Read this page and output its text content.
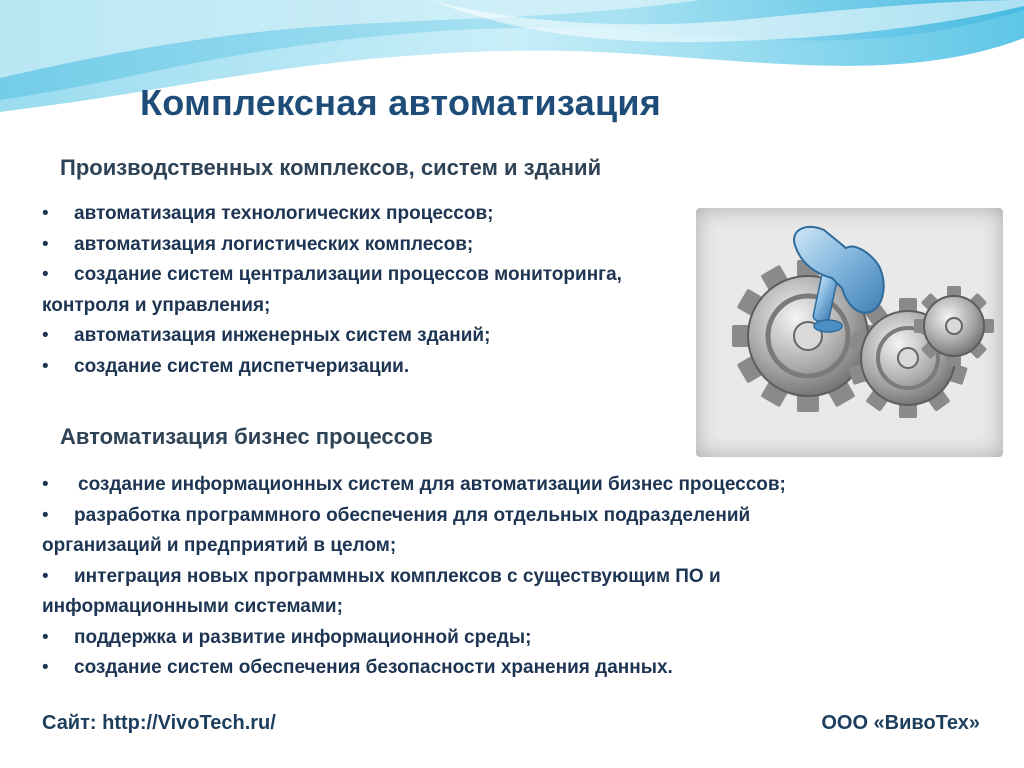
Комплексная автоматизация
Производственных комплексов, систем и зданий
• автоматизация технологических процессов;
• автоматизация логистических комплесов;
• создание систем централизации процессов мониторинга,
контроля и управления;
• автоматизация инженерных систем зданий;
• создание систем диспетчеризации.
Автоматизация бизнес процессов
• создание информационных систем для автоматизации бизнес процессов;
• разработка программного обеспечения для отдельных подразделений
организаций и предприятий в целом;
• интеграция новых программных комплексов с существующим ПО и
информационными системами;
• поддержка и развитие информационной среды;
• создание систем обеспечения безопасности хранения данных.
Сайт: http://VivoTech.ru/	ООО «ВивоТех»
